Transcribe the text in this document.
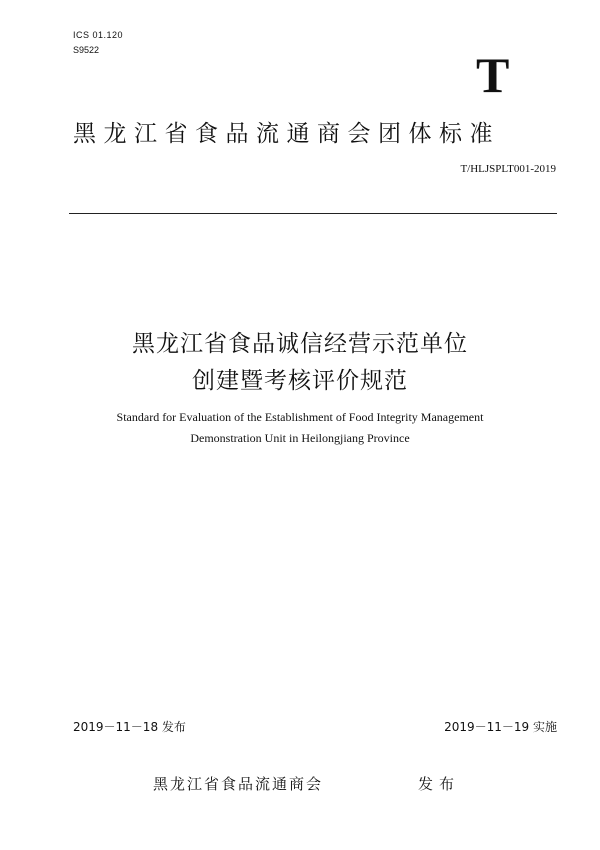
ICS 01.120
S9522	T
黑龙江省食品流通商会团体标准
T/HLJSPLT001-2019
黑龙江省食品诚信经营示范单位
创建暨考核评价规范
Standard for Evaluation of the Establishment of Food Integrity Management
Demonstration Unit in Heilongjiang Province
2019－11－18 发布	2019－11－19 实施
黑龙江省食品流通商会	发布
